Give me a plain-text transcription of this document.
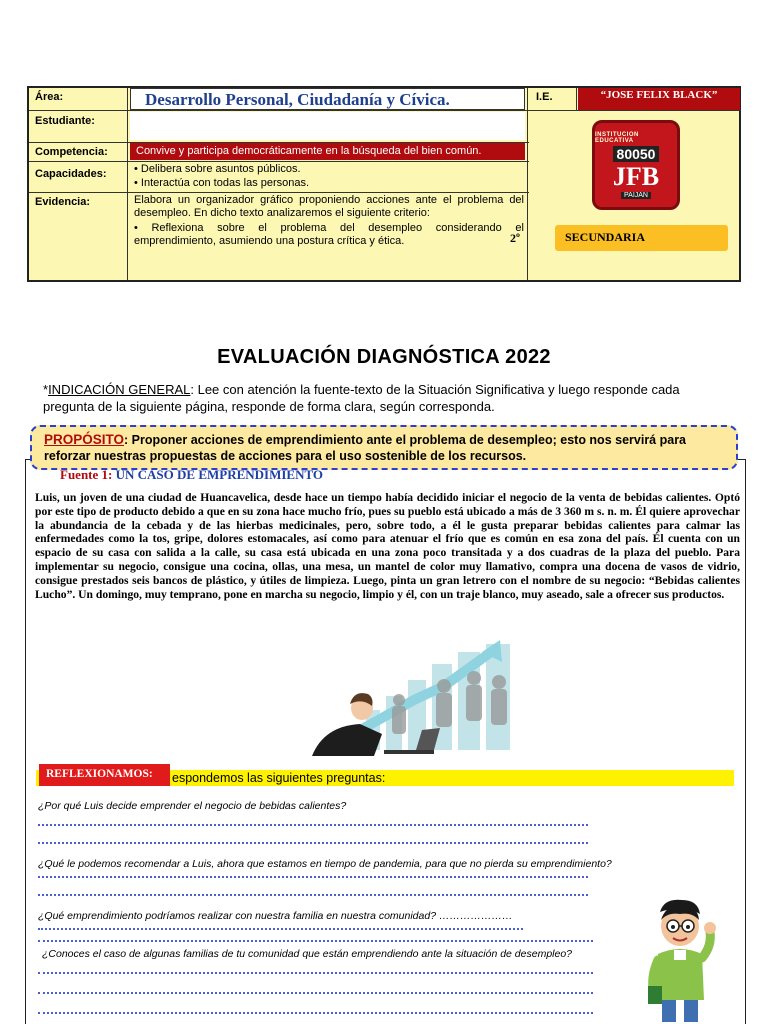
Área:	Desarrollo Personal, Ciudadanía y Cívica.	I.E.	“JOSE FELIX BLACK”
Estudiante:
Competencia:	Convive y participa democráticamente en la búsqueda del bien común.
Capacidades:	• Delibera sobre asuntos públicos.
• Interactúa con todas las personas.
Evidencia:	Elabora un organizador gráfico proponiendo acciones ante el problema del desempleo. En dicho texto analizaremos el siguiente criterio:
• Reflexiona sobre el problema del desempleo considerando el emprendimiento, asumiendo una postura crítica y ética.
INSTITUCION EDUCATIVA
80050
JFB
PAIJAN
SECUNDARIA
2º
EVALUACIÓN DIAGNÓSTICA 2022
*INDICACIÓN GENERAL: Lee con atención la fuente-texto de la Situación Significativa y luego responde cada pregunta de la siguiente página, responde de forma clara, según corresponda.
Fuente 1: UN CASO DE EMPRENDIMIENTO
PROPÓSITO: Proponer acciones de emprendimiento ante el problema de desempleo; esto nos servirá para reforzar nuestras propuestas de acciones para el uso sostenible de los recursos.
Luis, un joven de una ciudad de Huancavelica, desde hace un tiempo había decidido iniciar el negocio de la venta de bebidas calientes. Optó por este tipo de producto debido a que en su zona hace mucho frío, pues su pueblo está ubicado a más de 3 360 m s. n. m. Él quiere aprovechar la abundancia de la cebada y de las hierbas medicinales, pero, sobre todo, a él le gusta preparar bebidas calientes para calmar las enfermedades como la tos, gripe, dolores estomacales, así como para atenuar el frío que es común en esa zona del país. Él cuenta con un espacio de su casa con salida a la calle, su casa está ubicada en una zona poco transitada y a dos cuadras de la plaza del pueblo. Para implementar su negocio, consigue una cocina, ollas, una mesa, un mantel de color muy llamativo, compra una docena de vasos de vidrio, consigue prestados seis bancos de plástico, y útiles de limpieza. Luego, pinta un gran letrero con el nombre de su negocio: “Bebidas calientes Lucho”. Un domingo, muy temprano, pone en marcha su negocio, limpio y él, con un traje blanco, muy aseado, sale a ofrecer sus productos.
REFLEXIONAMOS:	espondemos las siguientes preguntas:
¿Por qué Luis decide emprender el negocio de bebidas calientes?
¿Qué le podemos recomendar a Luis, ahora que estamos en tiempo de pandemia, para que no pierda su emprendimiento?
¿Qué emprendimiento podríamos realizar con nuestra familia en nuestra comunidad? …………………
¿Conoces el caso de algunas familias de tu comunidad que están emprendiendo ante la situación de desempleo?
